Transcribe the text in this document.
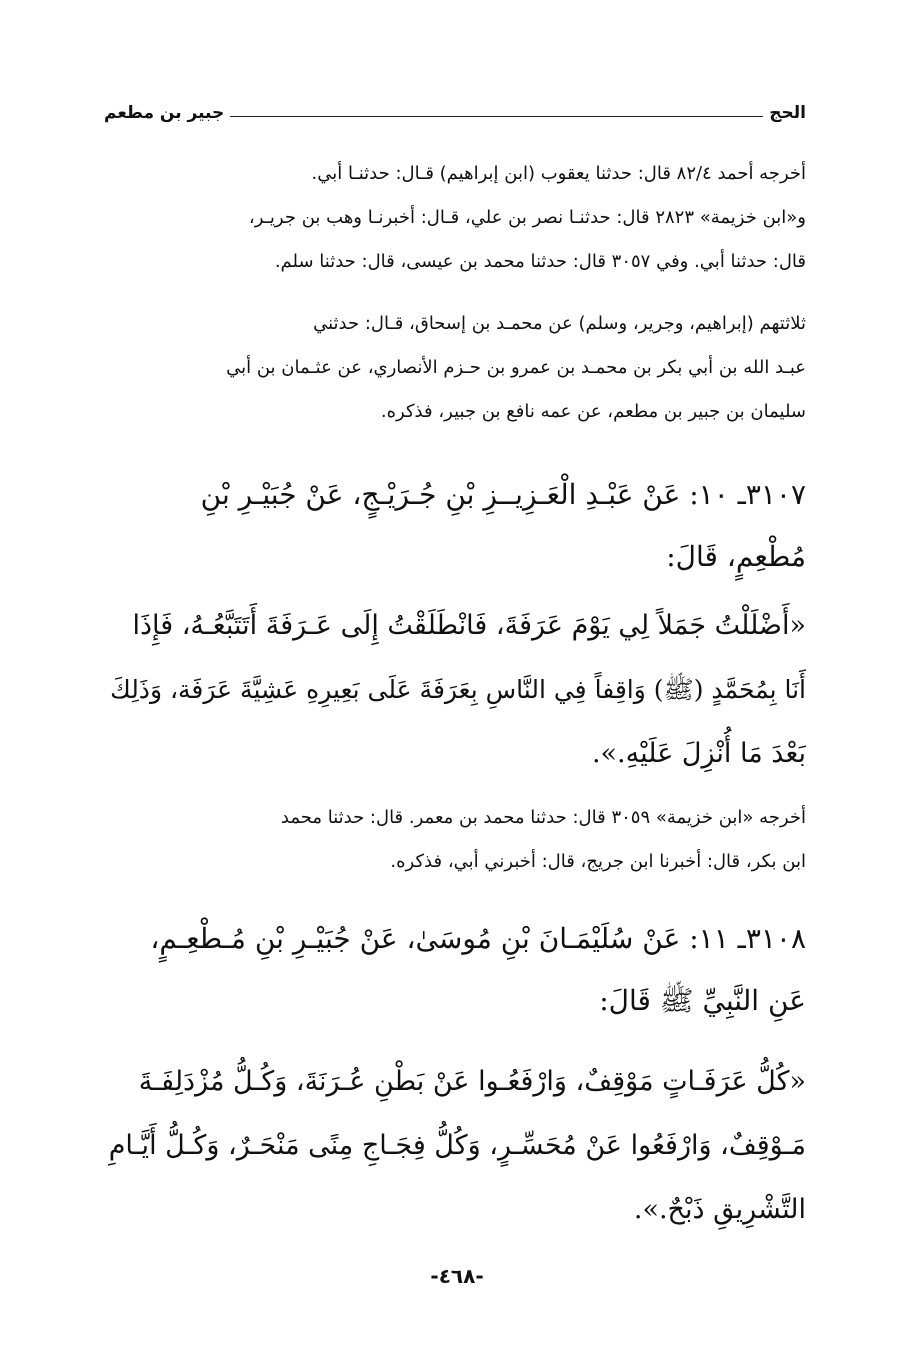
الحج
جبير بن مطعم
أخرجه أحمد ٨٢/٤ قال: حدثنا يعقوب (ابن إبراهيم) قـال: حدثنـا أبي.
و«ابن خزيمة» ٢٨٢٣ قال: حدثنـا نصر بن علي، قـال: أخبرنـا وهب بن جريـر،
قال: حدثنا أبي. وفي ٣٠٥٧ قال: حدثنا محمد بن عيسى، قال: حدثنا سلم.
ثلاثتهم (إبراهيم، وجرير، وسلم) عن محمـد بن إسحاق، قـال: حدثني
عبـد الله بن أبي بكر بن محمـد بن عمرو بن حـزم الأنصاري، عن عثـمان بن أبي
سليمان بن جبير بن مطعم، عن عمه نافع بن جبير، فذكره.
٣١٠٧ـ ١٠: عَنْ عَبْـدِ الْعَـزِيــزِ بْنِ جُـرَيْـجٍ، عَنْ جُبَيْـرِ بْنِ
مُطْعِمٍ، قَالَ:
«أَضْلَلْتُ جَمَلاً لِي يَوْمَ عَرَفَةَ، فَانْطَلَقْتُ إِلَى عَـرَفَةَ أَتَتَبَّعُـهُ، فَإِذَا
أَنَا بِمُحَمَّدٍ (ﷺ) وَاقِفاً فِي النَّاسِ بِعَرَفَةَ عَلَى بَعِيرِهِ عَشِيَّةَ عَرَفَة، وَذَلِكَ
بَعْدَ مَا أُنْزِلَ عَلَيْهِ.».
أخرجه «ابن خزيمة» ٣٠٥٩ قال: حدثنا محمد بن معمر. قال: حدثنا محمد
ابن بكر، قال: أخبرنا ابن جريج، قال: أخبرني أبي، فذكره.
٣١٠٨ـ ١١: عَنْ سُلَيْمَـانَ بْنِ مُوسَىٰ، عَنْ جُبَيْـرِ بْنِ مُـطْعِـمٍ،
عَنِ النَّبِيِّ ﷺ قَالَ:
«كُلُّ عَرَفَـاتٍ مَوْقِفٌ، وَارْفَعُـوا عَنْ بَطْنِ عُـرَنَةَ، وَكُـلُّ مُزْدَلِفَـةَ
مَـوْقِفٌ، وَارْفَعُوا عَنْ مُحَسِّـرٍ، وَكُلُّ فِجَـاجِ مِنًى مَنْحَـرٌ، وَكُـلُّ أَيَّـامِ
التَّشْرِيقِ ذَبْحٌ.».
-٤٦٨-
